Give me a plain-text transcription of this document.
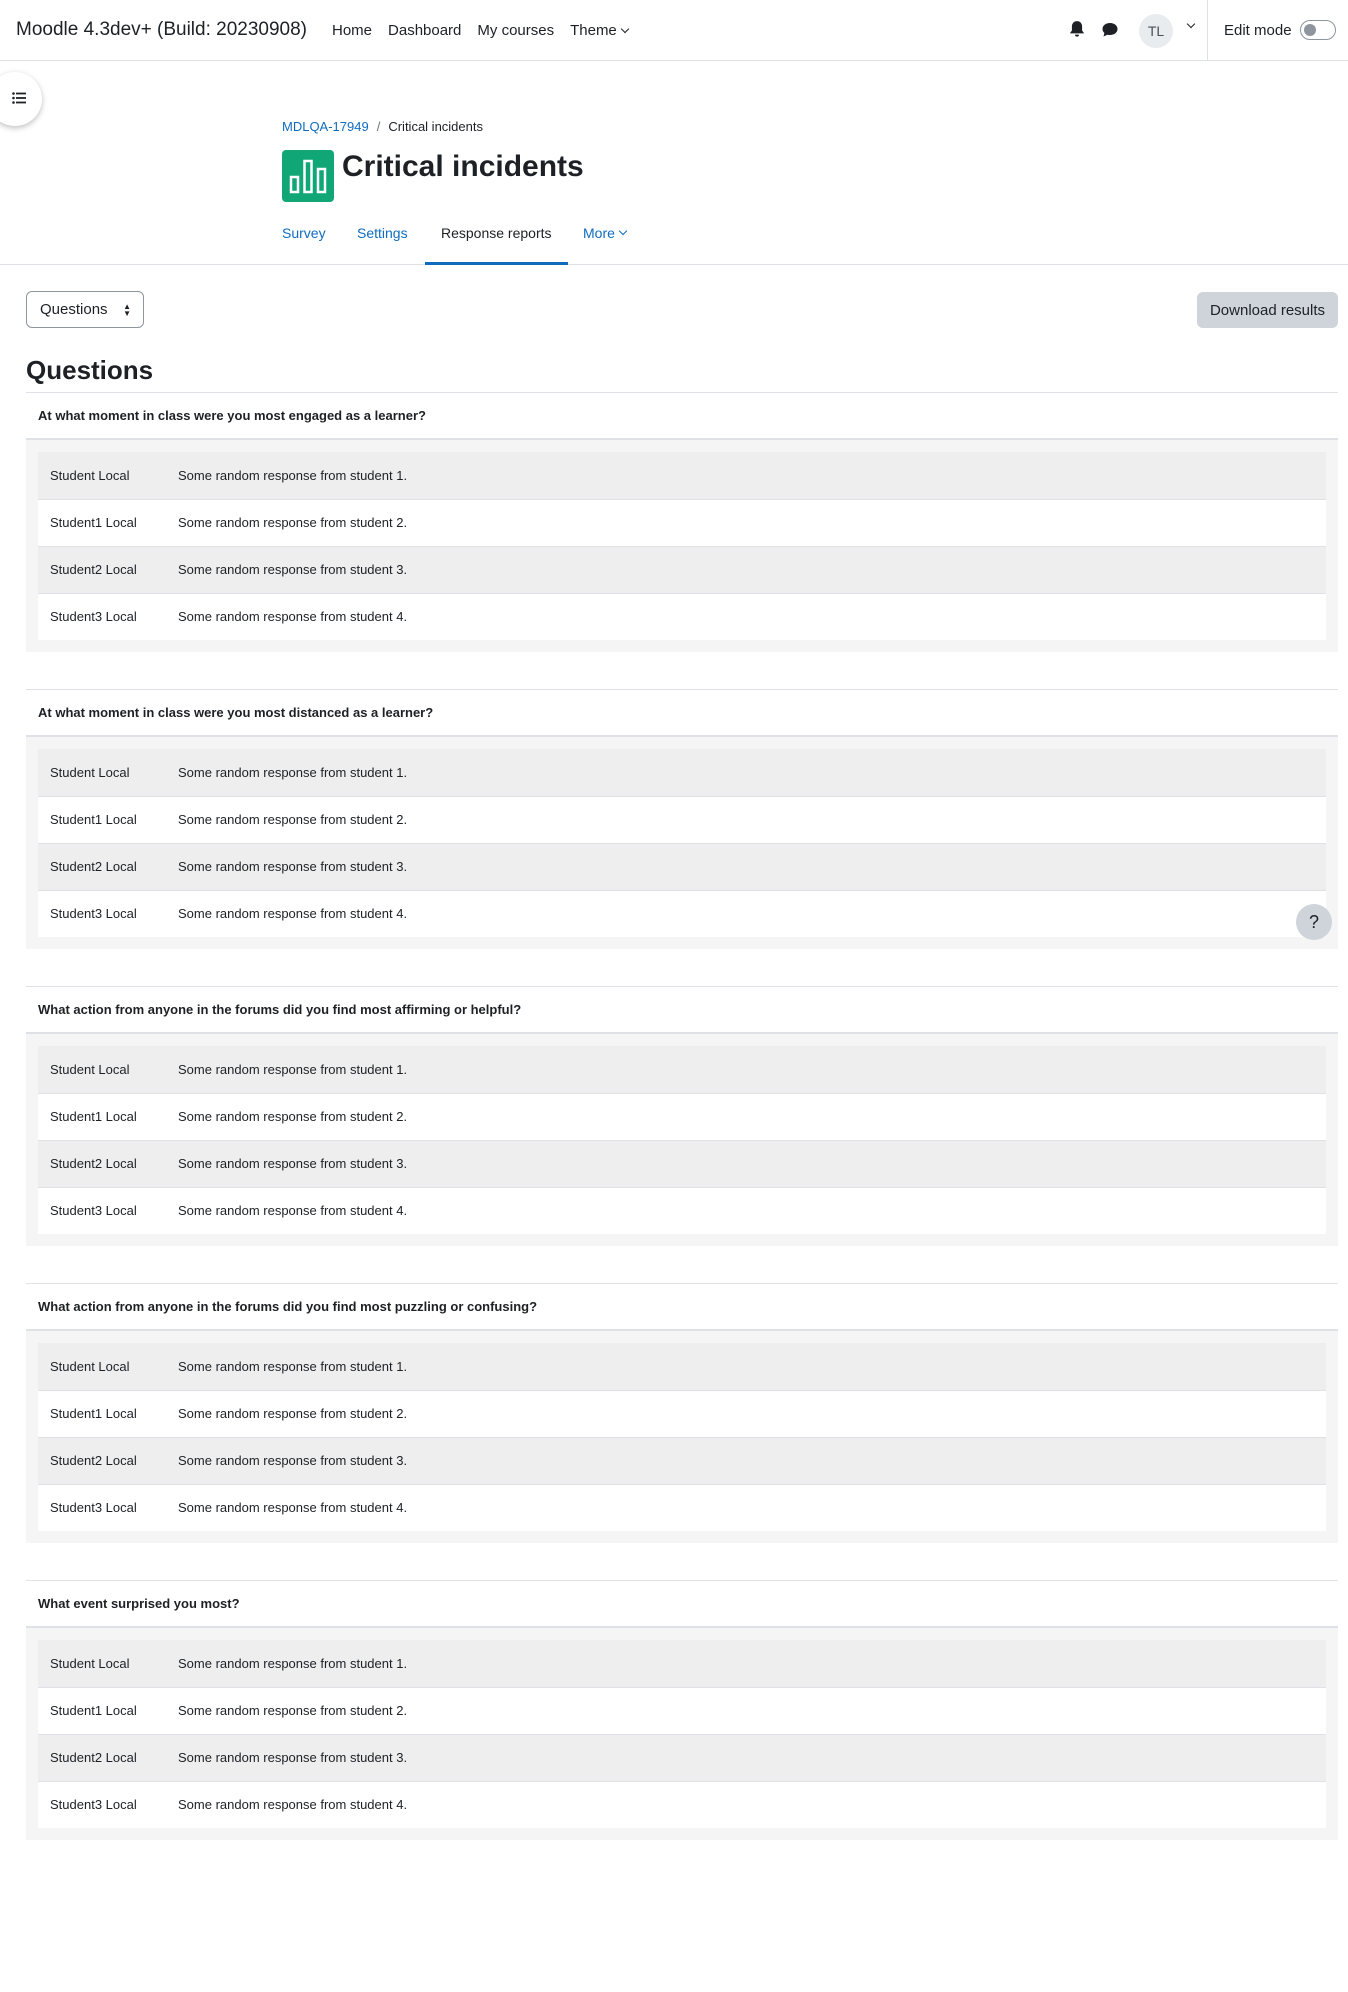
Moodle 4.3dev+ (Build: 20230908) Home Dashboard My courses Theme	TL	Edit mode
MDLQA-17949 / Critical incidents
Critical incidents
Survey Settings Response reports More
Questions ▲
▼	Download results
Questions
At what moment in class were you most engaged as a learner?
Student Local	Some random response from student 1.
Student1 Local	Some random response from student 2.
Student2 Local	Some random response from student 3.
Student3 Local	Some random response from student 4.
At what moment in class were you most distanced as a learner?
Student Local	Some random response from student 1.
Student1 Local	Some random response from student 2.
Student2 Local	Some random response from student 3.
Student3 Local	Some random response from student 4.
What action from anyone in the forums did you find most affirming or helpful?
Student Local	Some random response from student 1.
Student1 Local	Some random response from student 2.
Student2 Local	Some random response from student 3.
Student3 Local	Some random response from student 4.
What action from anyone in the forums did you find most puzzling or confusing?
Student Local	Some random response from student 1.
Student1 Local	Some random response from student 2.
Student2 Local	Some random response from student 3.
Student3 Local	Some random response from student 4.
What event surprised you most?
Student Local	Some random response from student 1.
Student1 Local	Some random response from student 2.
Student2 Local	Some random response from student 3.
Student3 Local	Some random response from student 4.
?
